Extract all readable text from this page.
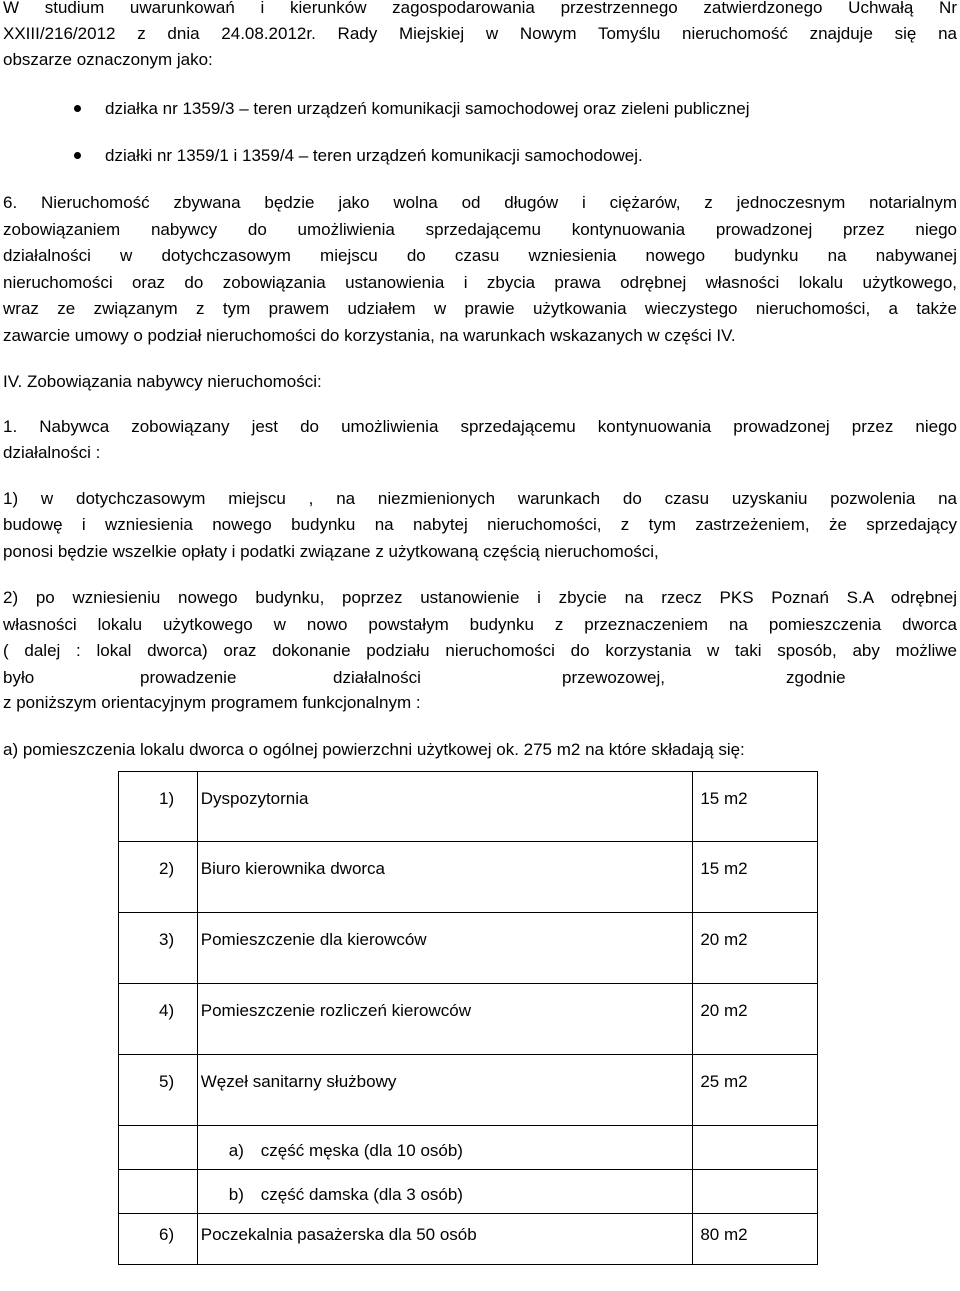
W studium uwarunkowań i kierunków zagospodarowania przestrzennego zatwierdzonego Uchwałą Nr
XXIII/216/2012 z dnia 24.08.2012r. Rady Miejskiej w Nowym Tomyślu nieruchomość znajduje się na
obszarze oznaczonym jako:
działka nr 1359/3 – teren urządzeń komunikacji samochodowej oraz zieleni publicznej
działki nr 1359/1 i 1359/4 – teren urządzeń komunikacji samochodowej.
6. Nieruchomość zbywana będzie jako wolna od długów i ciężarów, z jednoczesnym notarialnym
zobowiązaniem nabywcy do umożliwienia sprzedającemu kontynuowania prowadzonej przez niego
działalności w dotychczasowym miejscu do czasu wzniesienia nowego budynku na nabywanej
nieruchomości oraz do zobowiązania ustanowienia i zbycia prawa odrębnej własności lokalu użytkowego,
wraz ze związanym z tym prawem udziałem w prawie użytkowania wieczystego nieruchomości, a także
zawarcie umowy o podział nieruchomości do korzystania, na warunkach wskazanych w części IV.
IV. Zobowiązania nabywcy nieruchomości:
1. Nabywca zobowiązany jest do umożliwienia sprzedającemu kontynuowania prowadzonej przez niego
działalności :
1) w dotychczasowym miejscu , na niezmienionych warunkach do czasu uzyskaniu pozwolenia na
budowę i wzniesienia nowego budynku na nabytej nieruchomości, z tym zastrzeżeniem, że sprzedający
ponosi będzie wszelkie opłaty i podatki związane z użytkowaną częścią nieruchomości,
2) po wzniesieniu nowego budynku, poprzez ustanowienie i zbycie na rzecz PKS Poznań S.A odrębnej
własności lokalu użytkowego w nowo powstałym budynku z przeznaczeniem na pomieszczenia dworca
( dalej : lokal dworca) oraz dokonanie podziału nieruchomości do korzystania w taki sposób, aby możliwe
było	prowadzenie	działalności	przewozowej,	zgodnie
z poniższym orientacyjnym programem funkcjonalnym :
a) pomieszczenia lokalu dworca o ogólnej powierzchni użytkowej ok. 275 m2 na które składają się:
1)	Dyspozytornia	15 m2

2)	Biuro kierownika dworca	15 m2

3)	Pomieszczenie dla kierowców	20 m2

4)	Pomieszczenie rozliczeń kierowców	20 m2

5)	Węzeł sanitarny służbowy	25 m2

	a) część męska (dla 10 osób)	

	b) część damska (dla 3 osób)	

6)	Poczekalnia pasażerska dla 50 osób	80 m2
